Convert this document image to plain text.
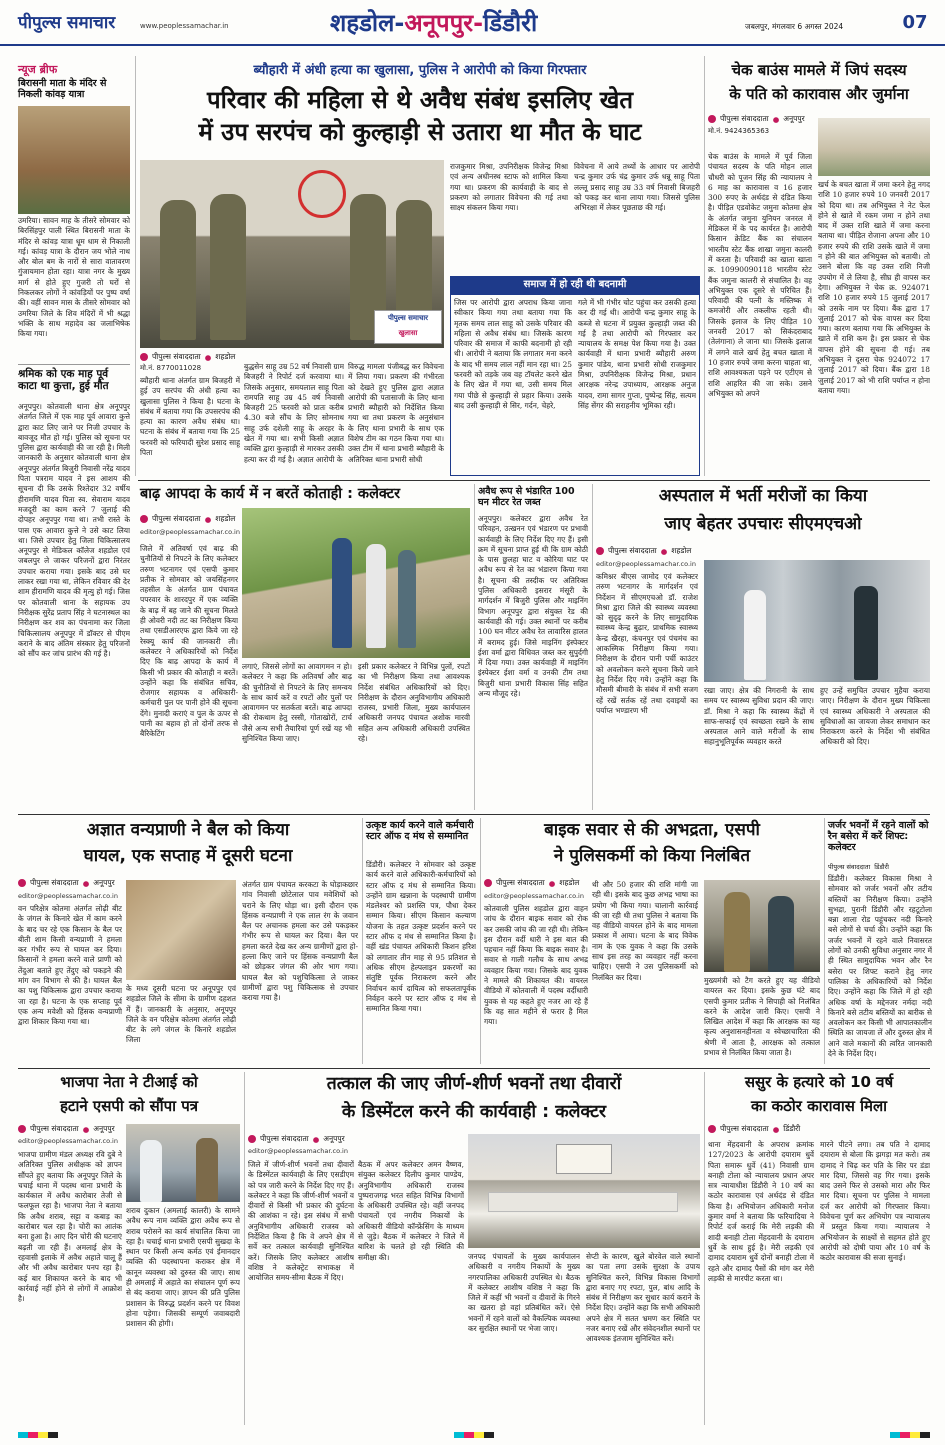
पीपुल्स समाचार	www.peoplessamachar.in	शहडोल-अनूपपुर-डिंडौरी	जबलपुर, मंगलवार 6 अगस्त 2024	07
न्यूज ब्रीफ
बिरासनी माता के मंदिर से निकली कांवड़ यात्रा
उमरिया। सावन माह के तीसरे सोमवार को बिरसिंहपुर पाली स्थित बिरासनी माता के मंदिर से कांवड़ यात्रा धूम धाम से निकाली गई। कांवड़ यात्रा के दौरान जय भोले नाथ और बोल बम के नारों से सारा वातावरण गुंजायमान होता रहा। यात्रा नगर के मुख्य मार्ग से होते हुए गुजरी तो घरों से निकलकर लोगों ने कांवड़ियों पर पुष्प वर्षा की। वहीं सावन मास के तीसरे सोमवार को उमरिया जिले के शिव मंदिरों में भी श्रद्धा भक्ति के साथ महादेव का जलाभिषेक किया गया।
श्रमिक को एक माह पूर्व काटा था कुत्ता, हुई मौत
अनूपपुर। कोतवाली थाना क्षेत्र अनूपपुर अंतर्गत जिले में एक माह पूर्व आवारा कुत्ते द्वारा काट लिए जाने पर निजी उपचार के बावजूद मौत हो गई। पुलिस को सूचना पर पुलिस द्वारा कार्यवाही की जा रही है। मिली जानकारी के अनुसार कोतवाली थाना क्षेत्र अनूपपुर अंतर्गत बिजुरी निवासी नरेंद्र यादव पिता पत्रराम यादव ने इस आशय की सूचना दी कि उसके रिश्तेदार 32 वर्षीय हीरामणि यादव पिता स्व. सेवाराम यादव मजदूरी का काम करने 7 जुलाई की दोपहर अनूपपुर गया था। तभी रास्ते के पास एक आवारा कुत्ते ने उसे काट लिया था। जिसे उपचार हेतु जिला चिकित्सालय अनूपपुर से मेडिकल कॉलेज शहडोल एवं जबलपुर ले जाकर परिजनों द्वारा निरंतर उपचार कराया गया। इसके बाद उसे घर लाकर रखा गया था, लेकिन रविवार की देर शाम हीरामणि यादव की मृत्यु हो गई। जिस पर कोतवाली थाना के सहायक उप निरीक्षक सुरेंद्र प्रताप सिंह ने घटनास्थल का निरीक्षण कर शव का पंचनामा कर जिला चिकित्सालय अनूपपुर में डॉक्टर से पीएम कराने के बाद अंतिम संस्कार हेतु परिजनों को सौंप कर जांच प्रारंभ की गई है।
ब्यौहारी में अंधी हत्या का खुलासा, पुलिस ने आरोपी को किया गिरफ्तार
परिवार की महिला से थे अवैध संबंध इसलिए खेत
में उप सरपंच को कुल्हाड़ी से उतारा था मौत के घाट
पीपुल्स समाचार
खुलासा
पीपुल्स संवाददाता ● शहडोल
मो.नं. 8770011028
ब्यौहारी थाना अंतर्गत ग्राम बिजहरी में हुई उप सरपंच की अंधी हत्या का खुलासा पुलिस ने किया है। घटना के संबंध में बताया गया कि उपसरपंच की हत्या का कारण अवैध संबंध था। घटना के संबंध में बताया गया कि 25 फरवरी को फरियादी सुरेश प्रसाद साहू पिता
बुद्धसेन साहू उम्र 52 वर्ष निवासी ग्राम बिजहरी ने रिपोर्ट दर्ज करवाया था। जिसके अनुसार, समयलाल साहू पिता रामपति साहू उम्र 45 वर्ष निवासी बिजहरी 25 फरवरी को प्रातः करीब 4.30 बजे सौंच के लिए सोमनाथ साहू उर्फ दशेली साहू के अरहर के खेत में गया था। सभी किसी अज्ञात व्यक्ति द्वारा कुल्हाड़ी से मारकर उसकी हत्या कर दी गई है। अज्ञात आरोपी के
विरुद्ध मामला पंजीबद्ध कर विवेचना में लिया गया। प्रकरण की गंभीरता को देखते हुए पुलिस द्वारा अज्ञात आरोपी की पतासाजी के लिए थाना प्रभारी ब्यौहारी को निर्देशित किया गया था तथा प्रकरण के अनुसंधान के लिए थाना प्रभारी के साथ एक विशेष टीम का गठन किया गया था। उक्त टीम में थाना प्रभारी ब्यौहारी के अतिरिक्त थाना प्रभारी सोधी
राजकुमार मिश्रा, उपनिरीक्षक विजेन्द्र मिश्रा एवं अन्य अधीनस्थ स्टाफ को शामिल किया गया था। प्रकरण की कार्यवाही के बाद से प्रकरण को लगातार विवेचना की गई तथा साक्ष्य संकलन किया गया।
विवेचना में आये तथ्यों के आधार पर आरोपी चन्द्र कुमार उर्फ चंद्र कुमार उर्फ धन्नू साहू पिता लल्लू प्रसाद साहू उम्र 33 वर्ष निवासी बिजहरी को पकड़ कर थाना लाया गया। जिससे पुलिस अभिरक्षा में लेकर पूछताछ की गई।
समाज में हो रही थी बदनामी
जिस पर आरोपी द्वारा अपराध किया जाना स्वीकार किया गया तथा बताया गया कि मृतक समय लाल साहू को उसके परिवार की महिला से अवैध संबंध था। जिसके कारण परिवार की समाज में काफी बदनामी हो रही थी। आरोपी ने बताया कि लगातार मना करने के बाद भी समय लाल नहीं मान रहा था। 25 फरवरी को तड़के जब वह टॉयलेट करने खेत के लिए खेत में गया था, उसी समय मिल गया पीछे से कुल्हाड़ी से प्रहार किया। उसके बाद उसी कुल्हाड़ी से सिर, गर्दन, चेहरे,
गले में भी गंभीर चोट पहुंचा कर उसकी हत्या कर दी गई थी। आरोपी चन्द्र कुमार साहू के कब्जे से घटना में प्रयुक्त कुल्हाड़ी जब्त की गई है तथा आरोपी को गिरफ्तार कर न्यायालय के समक्ष पेश किया गया है। उक्त कार्यवाही में थाना प्रभारी ब्यौहारी अरुण कुमार पांडेय, थाना प्रभारी सोधी राजकुमार मिश्रा, उपनिरीक्षक विजेन्द्र मिश्रा, प्रधान आरक्षक नरेन्द्र उपाध्याय, आरक्षक अनुज यादव, रामा सागर गुप्ता, पुष्पेन्द्र सिंह, सत्यम सिंह सेंगर की सराहनीय भूमिका रही।
चेक बाउंस मामले में जिपं सदस्य
के पति को कारावास और जुर्माना
पीपुल्स संवाददाता ● अनूपपुर
मो.नं. 9424365363
चेक बाउंस के मामले में पूर्व जिला पंचायत सदस्य के पति मोहन लाल चौधरी को पूजन सिंह की न्यायालय ने 6 माह का कारावास व 16 हजार 300 रुपए के अर्थदंड से दंडित किया है। पीड़ित एडवोकेट जमुना कोतमा क्षेत्र के अंतर्गत जमुना युनियन जनरल में मेडिकल में के पद कार्यरत है। आरोपी किसान क्रेडिट बैंक का संचालन भारतीय स्टेट बैंक शाखा जमुना कालरी में करता है। परिवादी का खाता खाता क्र. 10990090118 भारतीय स्टेट बैंक जमुना कालरी से संचालित है। वह अभियुक्त एक दूसरे से परिचित हैं। परिवादी की पत्नी के मस्तिष्क में कमजोरी और तकलीफ रहती थी। जिसके इलाज के लिए पीड़ित 10 जनवरी 2017 को सिकंदराबाद (तेलंगाना) ले जाना था। जिसके इलाज में लगने वाले खर्च हेतु बचत खाता में 10 हजार रुपये जमा करना चाहता था, राशि आवश्यकता पड़ने पर एटीएम से राशि आहरित की जा सके। उसने अभियुक्त को अपने
खर्च के बचत खाता में जमा करने हेतु नगद राशि 10 हजार रुपये 10 जनवरी 2017 को दिया था। तब अभियुक्त ने नेट फेल होने से खाते में रकम जमा न होने तथा बाद में उक्त राशि खाते में जमा करना बताया था। पीड़ित रोजाना अपना और 10 हजार रुपये की राशि उसके खाते में जमा न होने की बात अभियुक्त को बतायी। तो उसने बोला कि वह उक्त राशि निजी उपयोग में ले लिया है, सीघ्र ही वापस कर देगा। अभियुक्त ने चेक क्र. 924071 राशि 10 हजार रुपये 15 जुलाई 2017 को उसके नाम पर दिया। बैंक द्वारा 17 जुलाई 2017 को चेक वापस कर दिया गया। कारण बताया गया कि अभियुक्त के खाते में राशि कम है। इस प्रकार से चेक वापस होने की सूचना दी गई। तब अभियुक्त ने दूसरा चेक 924072 17 जुलाई 2017 को दिया। बैंक द्वारा 18 जुलाई 2017 को भी राशि पर्याप्त न होना बताया गया।
बाढ़ आपदा के कार्य में न बरतें कोताही : कलेक्टर
पीपुल्स संवाददाता ● शहडोल
editor@peoplessamachar.co.in
जिले में अतिवर्षा एवं बाढ़ की चुनौतियों से निपटने के लिए कलेक्टर तरुण भटनागर एवं एसपी कुमार प्रतीक ने सोमवार को जयसिंहनगर तहसील के अंतर्गत ग्राम पंचायत पपरवार के शारदपुर में एक व्यक्ति के बाढ़ में बह जाने की सूचना मिलते ही ओवरी नदी तट का निरीक्षण किया तथा एसडीआरएफ द्वारा किये जा रहे रेस्क्यू कार्य की जानकारी ली। कलेक्टर ने अधिकारियों को निर्देश दिए कि बाढ़ आपदा के कार्य में किसी भी प्रकार की कोताही न बरतें। उन्होंने कहा कि संबंधित सचिव, रोजगार सहायक व अधिकारी-कर्मचारी पुल पर पानी होने की सूचना देंगे। मुनादी कराएं व पुल के ऊपर से पानी का बहाव हो तो दोनों तरफ से बैरिकेटिंग
लगाएं, जिससे लोगों का आवागमन न हो। कलेक्टर ने कहा कि अतिवर्षा और बाढ़ की चुनौतियों से निपटने के लिए समन्वय के साथ कार्य करें व रपटों और पुलों पर आवागमन पर सतर्कता बरतें। बाढ़ आपदा की रोकथाम हेतु रस्सी, गोताखोरों, टार्च जैसे अन्य सभी तैयारियां पूर्ण रखें यह भी सुनिश्चित किया जाए।
इसी प्रकार कलेक्टर ने विभिन्न पुलों, रपटों का भी निरीक्षण किया तथा आवश्यक निर्देश संबंधित अधिकारियों को दिए। निरीक्षण के दौरान अनुविभागीय अधिकारी राजस्व, प्रभारी जिला, मुख्य कार्यपालन अधिकारी जनपद पंचायत अशोक मारवी सहित अन्य अधिकारी अधिकारी उपस्थित रहे।
अवैध रूप से भंडारित 100 घन मीटर रेत जब्त
अनूपपुर। कलेक्टर द्वारा अवैध रेत परिवहन, उत्खनन एवं भंडारण पर प्रभावी कार्यवाही के लिए निर्देश दिए गए हैं। इसी क्रम में सूचना प्राप्त हुई थी कि ग्राम कोठी के पास छुलहा घाट व कोरिया घाट पर अवैध रूप से रेत का भंडारण किया गया है। सूचना की तस्दीक पर अतिरिक्त पुलिस अधिकारी इसरार मंसूरी के मार्गदर्शन में बिजुरी पुलिस और माइनिंग विभाग अनूपपुर द्वारा संयुक्त रेड की कार्यवाही की गई। उक्त स्थानों पर करीब 100 घन मीटर अवैध रेत लावारिस हालत में बरामद हुई। जिसे माइनिंग इंस्पेक्टर ईशा वर्मा द्वारा विधिवत जब्त कर सुपुर्दगी में दिया गया। उक्त कार्यवाही में माइनिंग इंस्पेक्टर ईशा वर्मा व उनकी टीम तथा बिजुरी थाना प्रभारी विकास सिंह सहित अन्य मौजूद रहे।
अस्पताल में भर्ती मरीजों का किया
जाए बेहतर उपचारः सीएमएचओ
पीपुल्स संवाददाता ● शहडोल
editor@peoplessamachar.co.in
कमिश्नर बीएस जामोद एवं कलेक्टर तरुण भटनागर के मार्गदर्शन एवं निर्देशन में सीएमएचओ डॉ. राजेश मिश्रा द्वारा जिले की स्वास्थ्य व्यवस्था को सुदृढ़ करने के लिए सामुदायिक स्वास्थ्य केन्द्र बुढ़ार, प्राथमिक स्वास्थ्य केन्द्र खैरहा, कंचनपुर एवं पंचमंच का आकस्मिक निरीक्षण किया गया। निरीक्षण के दौरान पानी पर्ची काउंटर को अवलोकन करने सूचना किये जाने हेतु निर्देश दिए गये। उन्होंने कहा कि मौसमी बीमारी के संबंध में सभी सजग रहें रखें सर्तक रहें तथा दवाइयों का पर्याप्त भण्डारण भी
रखा जाए। क्षेत्र की निगरानी के साथ समय पर स्वास्थ्य सुविधा प्रदान की जाए। डॉ. मिश्रा ने कहा कि स्वास्थ्य केंद्रों में साफ-सफाई एवं स्वच्छता रखने के साथ अस्पताल आने वाले मरीजों के साथ सहानुभूतिपूर्वक व्यवहार करते
हुए उन्हें समुचित उपचार मुहैया कराया जाए। निरीक्षण के दौरान मुख्य चिकित्सा एवं स्वास्थ्य अधिकारी ने अस्पताल की सुविधाओं का जायजा लेकर समाधान कर निराकरण करने के निर्देश भी संबंधित अधिकारी को दिए।
अज्ञात वन्यप्राणी ने बैल को किया
घायल, एक सप्ताह में दूसरी घटना
पीपुल्स संवाददाता ● अनूपपुर
editor@peoplessamachar.co.in
वन परिक्षेत्र कोतमा अंतर्गत लोढ़ी बीट के जंगल के किनारे खेत में काम करने के बाद चर रहे एक किसान के बैल पर बीती शाम किसी वन्यप्राणी ने हमला कर गंभीर रूप से घायल कर दिया। किसानों ने हमला करने वाले प्राणी को तेंदुआ बताते हुए तेंदुए को पकड़ने की मांग वन विभाग से की है। घायल बैल का पशु चिकित्सक द्वारा उपचार कराया जा रहा है। घटना के एक सप्ताह पूर्व एक अन्य मवेशी को हिंसक वन्यप्राणी द्वारा शिकार किया गया था।
के मध्य दूसरी घटना पर अनूपपुर एवं शहडोल जिले के सीमा के ग्रामीण दहशत में हैं। जानकारी के अनुसार, अनूपपुर जिले के वन परिक्षेत्र कोतमा अंतर्गत लोढ़ी बीट के लगे जंगल के किनारे शहडोल जिला
अंतर्गत ग्राम पंचायत करकटा के घोड़ाकछार गांव निवासी छोटेलाल पाव मवेशियों को चराने के लिए घोड़ा था। इसी दौरान एक हिंसक वन्यप्राणी ने एक लाल रंग के जवान बैल पर अचानक हमला कर उसे पकड़कर गंभीर रूप से घायल कर दिया। बैल पर हमला करते देख कर अन्य ग्रामीणों द्वारा हो-हल्ला किए जाने पर हिंसक वन्यप्राणी बैल को छोड़कर जंगल की ओर भाग गया। घायल बैल को पशुचिकित्सा ले जाकर ग्रामीणों द्वारा पशु चिकित्सक से उपचार कराया गया है।
उत्कृष्ट कार्य करने वाले कर्मचारी स्टार ऑफ द मंथ से सम्मानित
डिंडौरी। कलेक्टर ने सोमवार को उत्कृष्ट कार्य करने वाले अधिकारी-कर्मचारियों को स्टार ऑफ द मंथ से सम्मानित किया। उन्होंने ग्राम खन्नाना के पदस्थापी ग्रामीण मंडलेश्वर को प्रशस्ति पत्र, पौधा देकर सम्मान किया। सीएम किसान कल्याण योजना के तहत उत्कृष्ट प्रदर्शन करने पर स्टार ऑफ द मंथ से सम्मानित किया है। वहीं खंड पंचायत अधिकारी किशन हरिश को लगातार तीन माह से 95 प्रतिशत से अधिक सीएम हेल्पलाइन प्रकरणों का संतुष्टि पूर्वक निराकरण करने और निर्वाचन कार्य दायित्व को सफलतापूर्वक निर्वहन करने पर स्टार ऑफ द मंथ से सम्मानित किया गया।
बाइक सवार से की अभद्रता, एसपी
ने पुलिसकर्मी को किया निलंबित
पीपुल्स संवाददाता ● शहडोल
editor@peoplessamachar.co.in
कोतवाली पुलिस शहडोल द्वारा वाहन जांच के दौरान बाइक सवार को रोक कर उसकी जांच की जा रही थी। लेकिन इस दौरान वर्दी धारी ने इस बात की पहचान नहीं किया कि बाइक सवार है। सवार से गाली गलौच के साथ अभद्र व्यवहार किया गया। जिसके बाद युवक ने मामले की शिकायत की। वायरल वीडियो में कोतवाली में पदस्थ वर्दीधारी युवक से यह कहते हुए नजर आ रहे हैं कि वह सात महीने से फरार है मिल गया।
थी और 50 हजार की राशि मांगी जा रही थी। इसके बाद कुछ अभद्र भाषा का प्रयोग भी किया गया। चालानी कार्रवाई की जा रही थी तथा पुलिस ने बताया कि वह वीडियो वायरल होने के बाद मामला प्रकाश में आया। घटना के बाद विवेक नाम के एक युवक ने कहा कि उसके साथ इस तरह का व्यवहार नहीं करना चाहिए। एसपी ने उस पुलिसकर्मी को निलंबित कर दिया।	मुख्यमंत्री को टैग करते हुए यह वीडियो वायरल कर दिया। इसके कुछ घंटे बाद एसपी कुमार प्रतीक ने सिपाही को निलंबित करने के आदेश जारी किए। एसपी ने लिखित आदेश में कहा कि आरक्षक का यह कृत्य अनुशासनहीनता व स्वेच्छाचारिता की श्रेणी में आता है, आरक्षक को तत्काल प्रभाव से निलंबित किया जाता है।
जर्जर भवनों में रहने वालों को रैन बसेरा में करें शिफ्ट: कलेक्टर
पीपुल्स संवाददाता डिंडौरी
डिंडौरी। कलेक्टर विकास मिश्रा ने सोमवार को जर्जर भवनों और तटीय बस्तियों का निरीक्षण किया। उन्होंने सुभद्रा, पुरानी डिंडौरी और रहटूटोला बन्ना शाला रोड पहुंचकर नदी किनारे बसे लोगों से चर्चा की। उन्होंने कहा कि जर्जर भवनों में रहने वाले निवासरत लोगों को उनकी सुविधा अनुसार नगर में ही स्थित सामुदायिक भवन और रैन बसेरा पर शिफ्ट कराने हेतु नगर पालिका के अधिकारियों को निर्देश दिए। उन्होंने कहा कि जिले में हो रही अधिक वर्षा के मद्देनजर नर्मदा नदी किनारे बसे तटीय बस्तियों का बारीक से अवलोकन कर किसी भी आपातकालीन स्थिति का जायजा लें और दुरुस्त क्षेत्र में आने वाले मकानों की त्वरित जानकारी देने के निर्देश दिए।
भाजपा नेता ने टीआई को
हटाने एसपी को सौंपा पत्र
पीपुल्स संवाददाता ● अनूपपुर
editor@peoplessamachar.co.in
भाजपा ग्रामीण मंडल अध्यक्ष रवि दुबे ने अतिरिक्त पुलिस अधीक्षक को ज्ञापन सौंपते हुए बताया कि अनूपपुर जिले के चचाई थाना में पदस्थ थाना प्रभारी के कार्यकाल में अवैध कारोबार तेजी से फलफूल रहा है। भाजपा नेता ने बताया कि अवैध शराब, सट्टा व कबाड़ का कारोबार चल रहा है। चोरी का आतंक बना हुआ है। आए दिन चोरी की घटनाएं बढ़ती जा रही हैं। अमलाई क्षेत्र के रहवासी इलाके में अवैध अहाते चालू हैं और भी अवैध कारोबार पनप रहा है। कई बार शिकायत करने के बाद भी कार्रवाई नहीं होने से लोगों में आक्रोश है।
शराब दुकान (अमलाई कालरी) के सामने अवैध रूप नाम व्यक्ति द्वारा अवैध रूप से शराब परोसने का कार्य संचालित किया जा रहा है। चचाई थाना प्रभारी एसपी सुखदा के स्थान पर किसी अन्य कर्मठ एवं ईमानदार व्यक्ति की पदस्थापना कराकर क्षेत्र में कानून व्यवस्था को दुरुस्त की जाए। साथ ही अमलाई में अहाते का संचालन पूर्ण रूप से बंद कराया जाए। ज्ञापन की प्रति पुलिस प्रशासन के विरुद्ध प्रदर्शन करने पर विवश होना पड़ेगा। जिसकी सम्पूर्ण जवाबदारी प्रशासन की होगी।
तत्काल की जाए जीर्ण-शीर्ण भवनों तथा दीवारों
के डिस्मेंटल करने की कार्यवाही : कलेक्टर
पीपुल्स संवाददाता ● अनूपपुर
editor@peoplessamachar.co.in
जिले में जीर्ण-शीर्ण भवनों तथा दीवारों के डिस्मेंटल कार्यवाही के लिए एसडीएम को पत्र जारी करने के निर्देश दिए गए हैं। कलेक्टर ने कहा कि जीर्ण-शीर्ण भवनों व दीवारों से किसी भी प्रकार की दुर्घटना की आशंका न रहे। इस संबंध में सभी अनुविभागीय अधिकारी राजस्व को निर्देशित किया है कि वे अपने क्षेत्र में सर्वे कर तत्काल कार्यवाही सुनिश्चित करें। जिसके लिए कलेक्टर आशीष वशिष्ठ ने कलेक्ट्रेट सभाकक्ष में आयोजित समय-सीमा बैठक में दिए।
बैठक में अपर कलेक्टर अमन वैष्णव, संयुक्त कलेक्टर दिलीप कुमार पाण्डेय, अनुविभागीय अधिकारी राजस्व पुष्पराजगढ़ भरत सहित विभिन्न विभागों के अधिकारी उपस्थित रहे। वहीं जनपद पंचायतों एवं नगरीय निकायों के अधिकारी वीडियो कॉन्फ्रेंसिंग के माध्यम से जुड़े। बैठक में कलेक्टर ने जिले में बारिश के चलते हो रही स्थिति की समीक्षा की।	जनपद पंचायतों के मुख्य कार्यपालन अधिकारी व नगरीय निकायों के मुख्य नगरपालिका अधिकारी उपस्थित थे। बैठक में कलेक्टर आशीष वशिष्ठ ने कहा कि जिले में कहीं भी भवनों व दीवारों के गिरने का खतरा हो वहां प्रतिबंधित करें। ऐसे भवनों में रहने वालों को वैकल्पिक व्यवस्था कर सुरक्षित स्थानों पर भेजा जाए।
सेप्टी के कारण, खुले बोरवेल वाले स्थानों का पता लगा उसके सुरक्षा के उपाय सुनिश्चित करने, विभिन्न विकास विभागों द्वारा बनाए गए रपटा, पुल, बांध आदि के संबंध में निरीक्षण कर सुधार कार्य कराने के निर्देश दिए। उन्होंने कहा कि सभी अधिकारी अपने क्षेत्र में सतत भ्रमण कर स्थिति पर नजर बनाए रखें और संवेदनशील स्थानों पर आवश्यक इंतजाम सुनिश्चित करें।
ससुर के हत्यारे को 10 वर्ष
का कठोर कारावास मिला
पीपुल्स संवाददाता ● डिंडौरी
थाना मेंहदवानी के अपराध क्रमांक 127/2023 के आरोपी दयाराम धुर्वे पिता समारू धुर्वे (41) निवासी ग्राम बनाही टोला को न्यायालय प्रधान अपर सत्र न्यायाधीश डिंडौरी ने 10 वर्ष का कठोर कारावास एवं अर्थदंड से दंडित किया है। अभियोजन अधिकारी मनोज कुमार वर्मा ने बताया कि फरियादिया ने रिपोर्ट दर्ज कराई कि मेरी लड़की की शादी बनाही टोला मेंहदवानी के दयाराम धुर्वे के साथ हुई है। मेरी लड़की एवं दामाद दयाराम धुर्वे दोनों बनाही टोला में रहते और दामाद पैसों की मांग कर मेरी लड़की से मारपीट करता था।
मारने पीटने लगा। तब पति ने दामाद दयाराम से बोला कि झगड़ा मत करो। तब दामाद ने चिढ़ कर पति के सिर पर डंडा मार दिया, जिससे वह गिर गया। इसके बाद उसने फिर से उसको मारा और फिर मार दिया। सूचना पर पुलिस ने मामला दर्ज कर आरोपी को गिरफ्तार किया। विवेचना पूर्ण कर अभियोग पत्र न्यायालय में प्रस्तुत किया गया। न्यायालय ने अभियोजन के साक्ष्यों से सहमत होते हुए आरोपी को दोषी पाया और 10 वर्ष के कठोर कारावास की सजा सुनाई।
